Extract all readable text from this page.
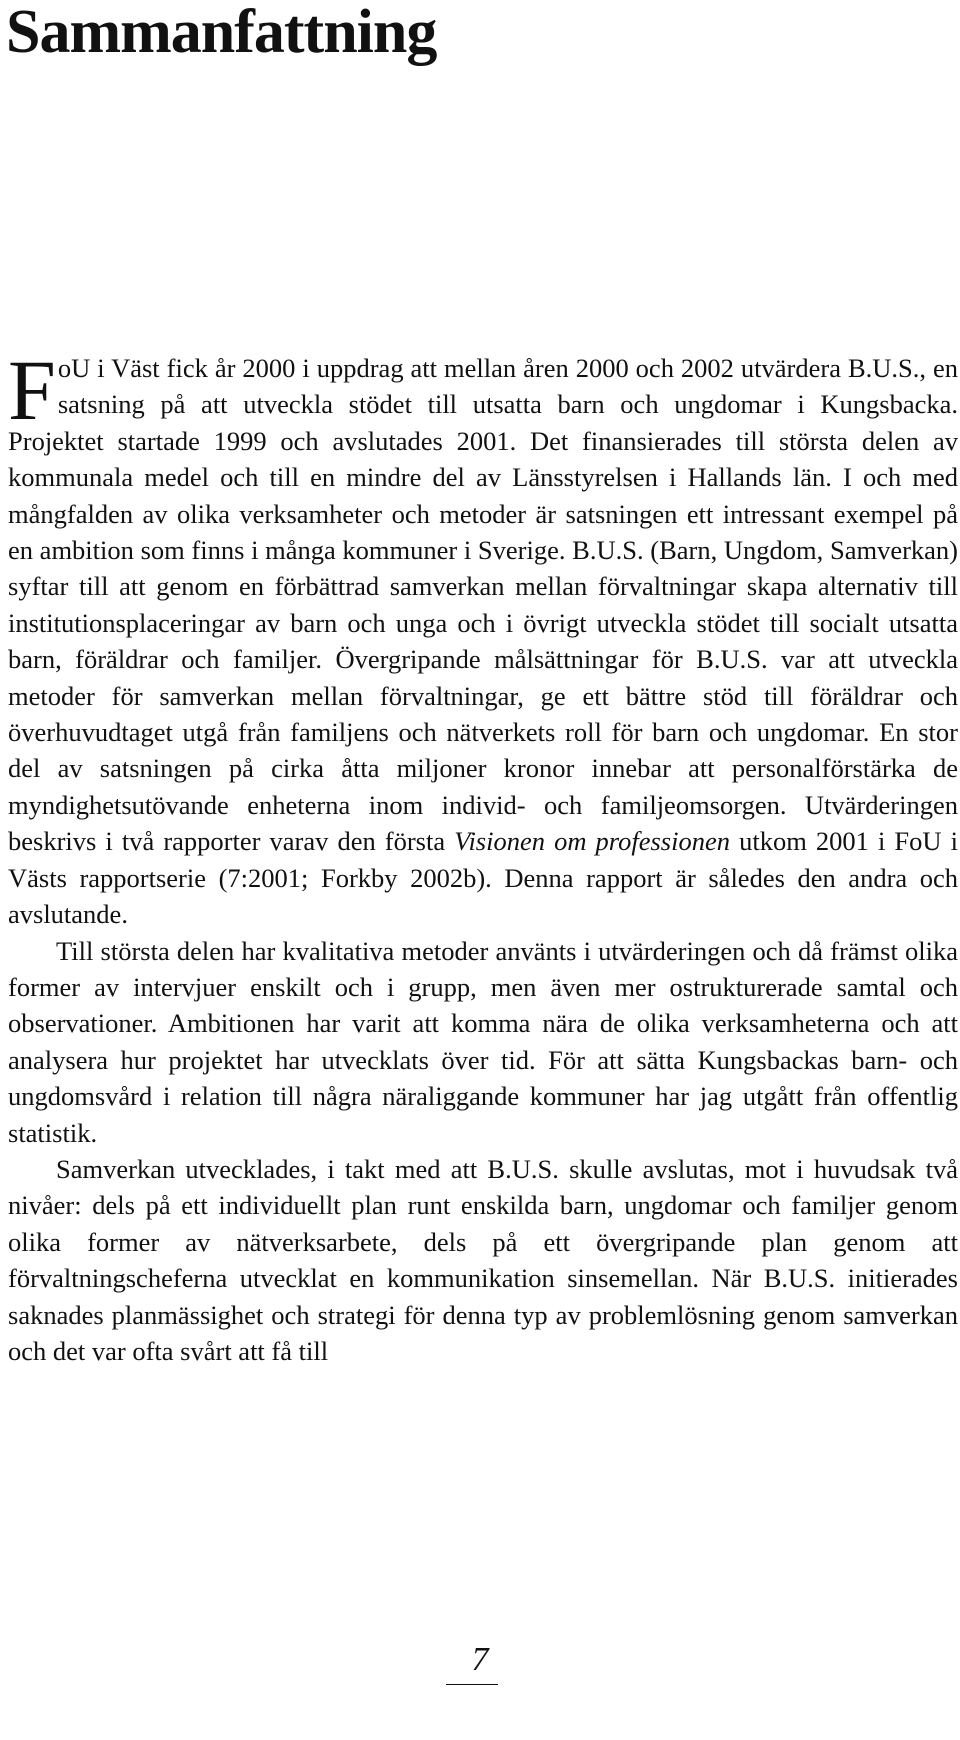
Sammanfattning

FoU i Väst fick år 2000 i uppdrag att mellan åren 2000 och 2002 utvärdera B.U.S., en satsning på att utveckla stödet till utsatta barn och ungdomar i Kungsbacka. Projektet startade 1999 och avslutades 2001. Det finansierades till största delen av kommunala medel och till en mindre del av Länsstyrelsen i Hallands län. I och med mångfalden av olika verksamheter och metoder är satsningen ett intressant exempel på en ambition som finns i många kommuner i Sverige. B.U.S. (Barn, Ungdom, Samverkan) syftar till att genom en förbättrad samverkan mellan förvaltningar skapa alternativ till institutionsplaceringar av barn och unga och i övrigt utveckla stödet till socialt utsatta barn, föräldrar och familjer. Övergripande målsättningar för B.U.S. var att utveckla metoder för samverkan mellan förvaltningar, ge ett bättre stöd till föräldrar och överhuvudtaget utgå från familjens och nätverkets roll för barn och ungdomar. En stor del av satsningen på cirka åtta miljoner kronor innebar att personalförstärka de myndighetsutövande enheterna inom individ- och familjeomsorgen. Utvärderingen beskrivs i två rapporter varav den första Visionen om professionen utkom 2001 i FoU i Västs rapportserie (7:2001; Forkby 2002b). Denna rapport är således den andra och avslutande.

Till största delen har kvalitativa metoder använts i utvärderingen och då främst olika former av intervjuer enskilt och i grupp, men även mer ostrukturerade samtal och observationer. Ambitionen har varit att komma nära de olika verksamheterna och att analysera hur projektet har utvecklats över tid. För att sätta Kungsbackas barn- och ungdomsvård i relation till några näraliggande kommuner har jag utgått från offentlig statistik.

Samverkan utvecklades, i takt med att B.U.S. skulle avslutas, mot i huvudsak två nivåer: dels på ett individuellt plan runt enskilda barn, ungdomar och familjer genom olika former av nätverksarbete, dels på ett övergripande plan genom att förvaltningscheferna utvecklat en kommunikation sinsemellan. När B.U.S. initierades saknades planmässighet och strategi för denna typ av problemlösning genom samverkan och det var ofta svårt att få till

7
